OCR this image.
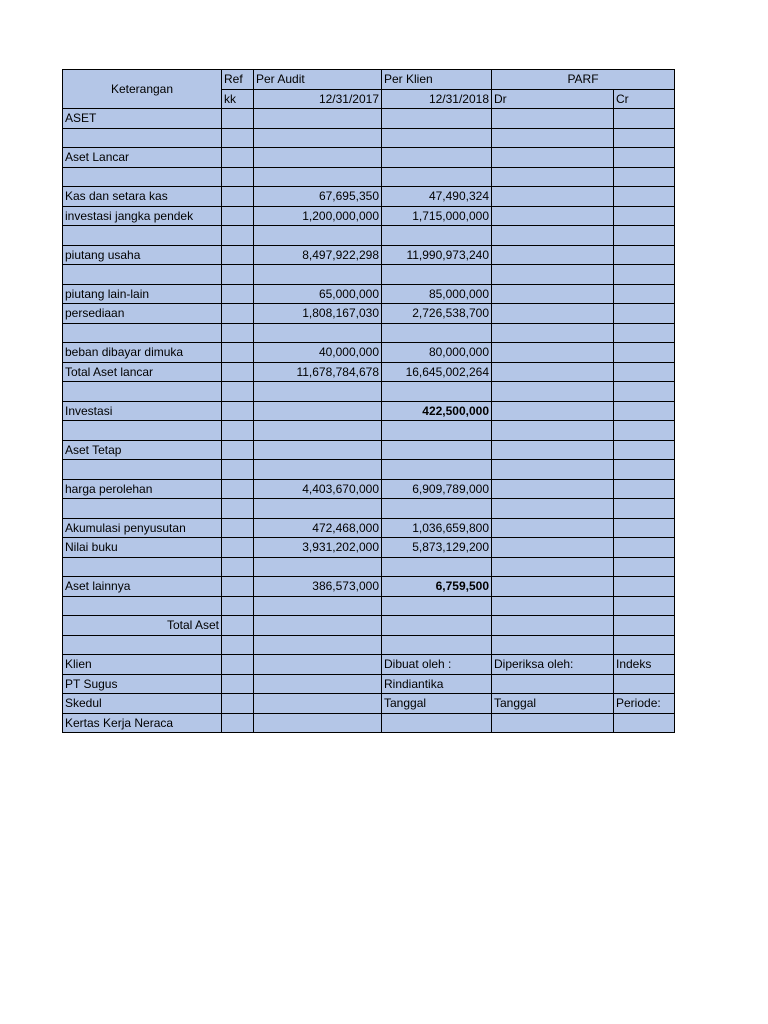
Keterangan	Ref	Per Audit	Per Klien	PARF	
	kk	12/31/2017	12/31/2018	Dr	Cr
ASET					

Aset Lancar					

Kas dan setara kas		67,695,350	47,490,324		
investasi jangka pendek		1,200,000,000	1,715,000,000		

piutang usaha		8,497,922,298	11,990,973,240		

piutang lain-lain		65,000,000	85,000,000		
persediaan		1,808,167,030	2,726,538,700		

beban dibayar dimuka		40,000,000	80,000,000		
Total Aset lancar		11,678,784,678	16,645,002,264		

Investasi			422,500,000		

Aset Tetap					

harga perolehan		4,403,670,000	6,909,789,000		

Akumulasi penyusutan		472,468,000	1,036,659,800		
Nilai buku		3,931,202,000	5,873,129,200		

Aset lainnya		386,573,000	6,759,500		

Total Aset					

Klien			Dibuat oleh :	Diperiksa oleh:	Indeks
PT Sugus			Rindiantika		
Skedul			Tanggal	Tanggal	Periode:
Kertas Kerja Neraca					
